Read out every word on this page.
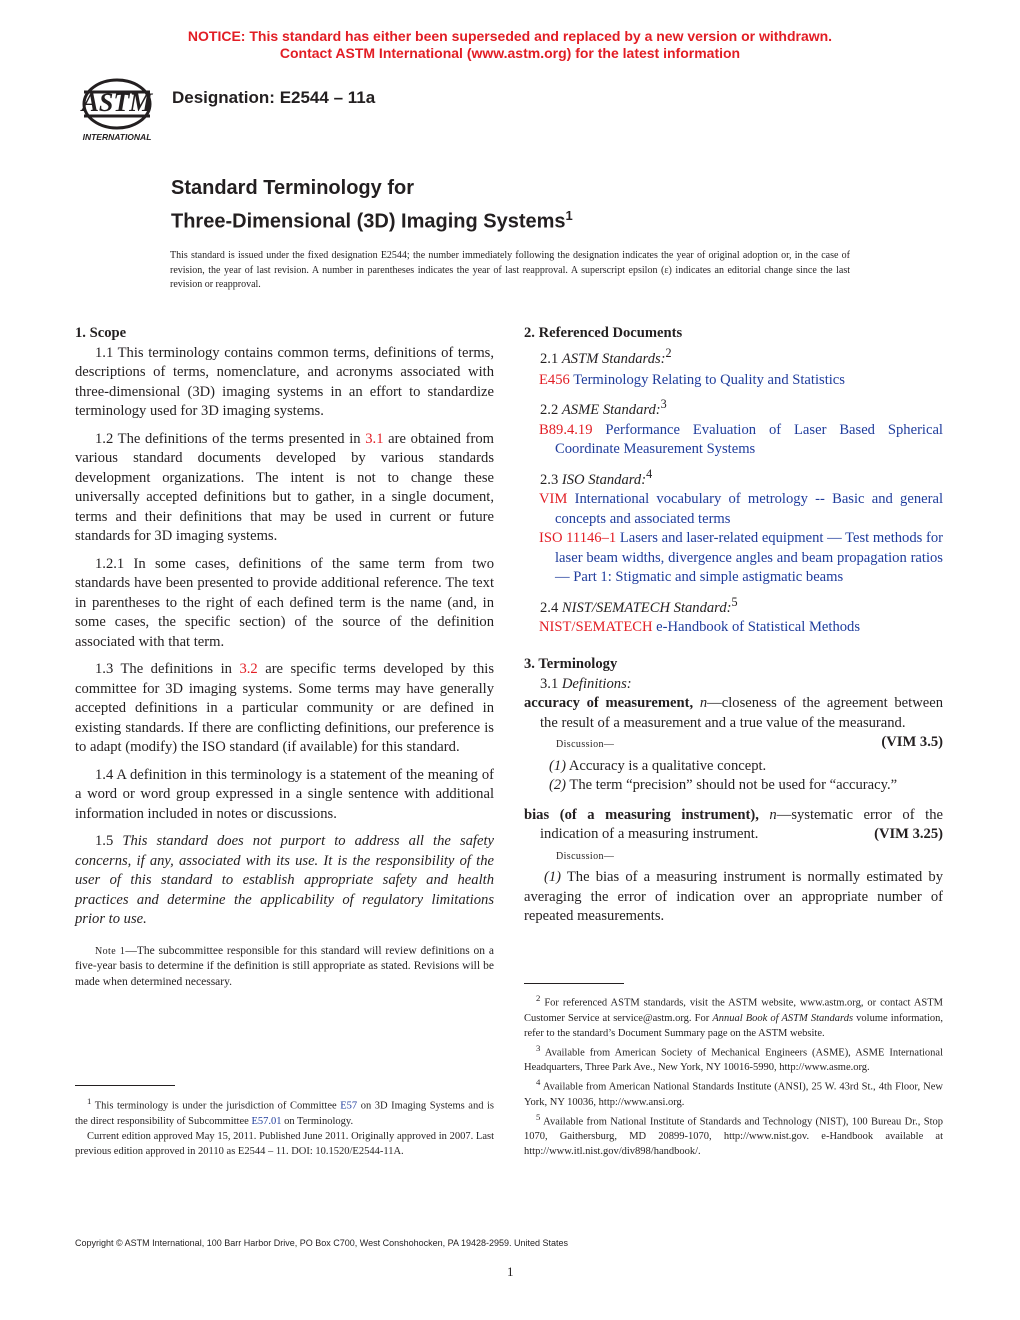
NOTICE: This standard has either been superseded and replaced by a new version or withdrawn.
Contact ASTM International (www.astm.org) for the latest information
ASTM
INTERNATIONAL
Designation: E2544 – 11a
Standard Terminology for
Three-Dimensional (3D) Imaging Systems$^1$
This standard is issued under the fixed designation E2544; the number immediately following the designation indicates the year of original adoption or, in the case of revision, the year of last revision. A number in parentheses indicates the year of last reapproval. A superscript epsilon (ε) indicates an editorial change since the last revision or reapproval.

1. Scope

1.1 This terminology contains common terms, definitions of terms, descriptions of terms, nomenclature, and acronyms associated with three-dimensional (3D) imaging systems in an effort to standardize terminology used for 3D imaging systems.

1.2 The definitions of the terms presented in 3.1 are obtained from various standard documents developed by various standards development organizations. The intent is not to change these universally accepted definitions but to gather, in a single document, terms and their definitions that may be used in current or future standards for 3D imaging systems.

1.2.1 In some cases, definitions of the same term from two standards have been presented to provide additional reference. The text in parentheses to the right of each defined term is the name (and, in some cases, the specific section) of the source of the definition associated with that term.

1.3 The definitions in 3.2 are specific terms developed by this committee for 3D imaging systems. Some terms may have generally accepted definitions in a particular community or are defined in existing standards. If there are conflicting definitions, our preference is to adapt (modify) the ISO standard (if available) for this standard.

1.4 A definition in this terminology is a statement of the meaning of a word or word group expressed in a single sentence with additional information included in notes or discussions.

1.5 This standard does not purport to address all the safety concerns, if any, associated with its use. It is the responsibility of the user of this standard to establish appropriate safety and health practices and determine the applicability of regulatory limitations prior to use.

Note 1—The subcommittee responsible for this standard will review definitions on a five-year basis to determine if the definition is still appropriate as stated. Revisions will be made when determined necessary.

$^1$ This terminology is under the jurisdiction of Committee E57 on 3D Imaging Systems and is the direct responsibility of Subcommittee E57.01 on Terminology.

Current edition approved May 15, 2011. Published June 2011. Originally approved in 2007. Last previous edition approved in 20110 as E2544 – 11. DOI: 10.1520/E2544-11A.

2. Referenced Documents

2.1 ASTM Standards:$^2$

E456 Terminology Relating to Quality and Statistics

2.2 ASME Standard:$^3$

B89.4.19 Performance Evaluation of Laser Based Spherical Coordinate Measurement Systems

2.3 ISO Standard:$^4$

VIM International vocabulary of metrology -- Basic and general concepts and associated terms

ISO 11146–1 Lasers and laser-related equipment — Test methods for laser beam widths, divergence angles and beam propagation ratios — Part 1: Stigmatic and simple astigmatic beams

2.4 NIST/SEMATECH Standard:$^5$

NIST/SEMATECH e-Handbook of Statistical Methods

3. Terminology

3.1 Definitions:

accuracy of measurement, n—closeness of the agreement between the result of a measurement and a true value of the measurand.
(VIM 3.5)

Discussion—

(1) Accuracy is a qualitative concept.

(2) The term “precision” should not be used for “accuracy.”

bias (of a measuring instrument), n—systematic error of the indication of a measuring instrument.	(VIM 3.25)

Discussion—

(1) The bias of a measuring instrument is normally estimated by averaging the error of indication over an appropriate number of repeated measurements.

$^2$ For referenced ASTM standards, visit the ASTM website, www.astm.org, or contact ASTM Customer Service at service@astm.org. For Annual Book of ASTM Standards volume information, refer to the standard’s Document Summary page on the ASTM website.

$^3$ Available from American Society of Mechanical Engineers (ASME), ASME International Headquarters, Three Park Ave., New York, NY 10016-5990, http://www.asme.org.

$^4$ Available from American National Standards Institute (ANSI), 25 W. 43rd St., 4th Floor, New York, NY 10036, http://www.ansi.org.

$^5$ Available from National Institute of Standards and Technology (NIST), 100 Bureau Dr., Stop 1070, Gaithersburg, MD 20899-1070, http://www.nist.gov. e-Handbook available at http://www.itl.nist.gov/div898/handbook/.

Copyright © ASTM International, 100 Barr Harbor Drive, PO Box C700, West Conshohocken, PA 19428-2959. United States
1
